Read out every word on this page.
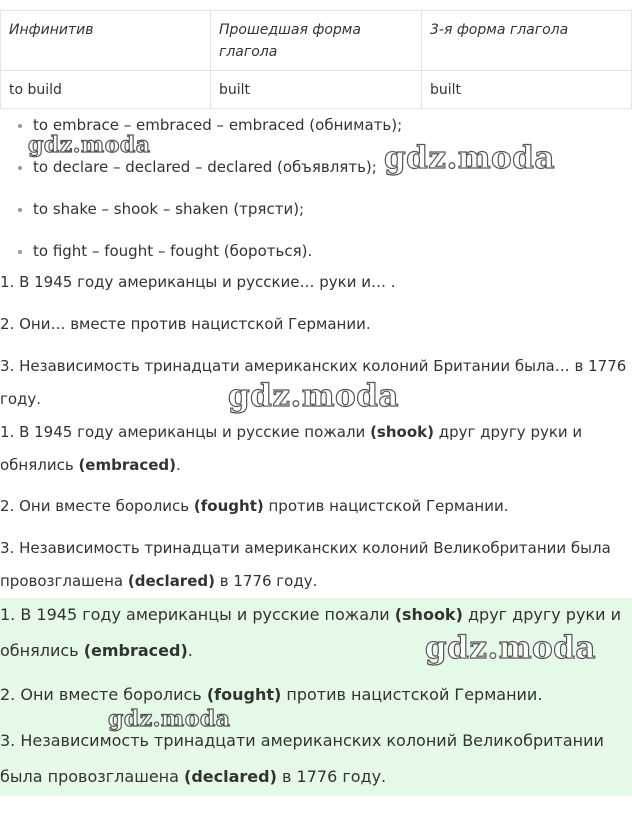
Инфинитив	Прошедшая форма глагола	3-я форма глагола
to build	built	built
to embrace – embraced – embraced (обнимать);
to declare – declared – declared (объявлять);
to shake – shook – shaken (трясти);
to fight – fought – fought (бороться).
1. В 1945 году американцы и русские… руки и… .
2. Они… вместе против нацистской Германии.
3. Независимость тринадцати американских колоний Британии была… в 1776
году.
1. В 1945 году американцы и русские пожали (shook) друг другу руки и
обнялись (embraced).
2. Они вместе боролись (fought) против нацистской Германии.
3. Независимость тринадцати американских колоний Великобритании была
провозглашена (declared) в 1776 году.
1. В 1945 году американцы и русские пожали (shook) друг другу руки и
обнялись (embraced).
2. Они вместе боролись (fought) против нацистской Германии.
3. Независимость тринадцати американских колоний Великобритании
была провозглашена (declared) в 1776 году.
gdz.moda	gdz.moda
gdz.moda
gdz.moda
gdz.moda
